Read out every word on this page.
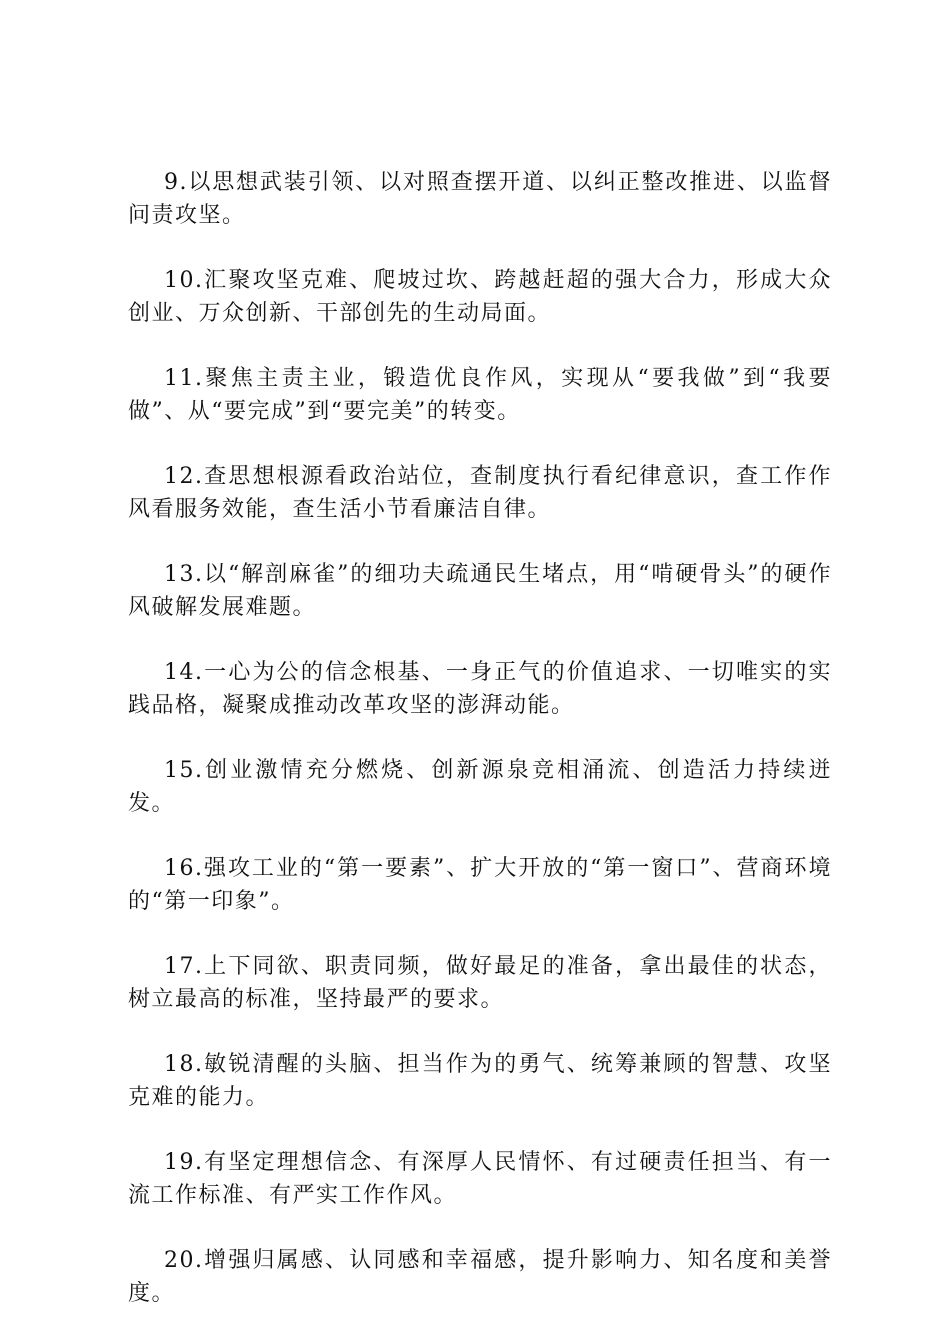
9.以思想武装引领、以对照查摆开道、以纠正整改推进、以监督问责攻坚。

10.汇聚攻坚克难、爬坡过坎、跨越赶超的强大合力，形成大众创业、万众创新、干部创先的生动局面。

11.聚焦主责主业，锻造优良作风，实现从“要我做”到“我要做”、从“要完成”到“要完美”的转变。

12.查思想根源看政治站位，查制度执行看纪律意识，查工作作风看服务效能，查生活小节看廉洁自律。

13.以“解剖麻雀”的细功夫疏通民生堵点，用“啃硬骨头”的硬作风破解发展难题。

14.一心为公的信念根基、一身正气的价值追求、一切唯实的实践品格，凝聚成推动改革攻坚的澎湃动能。

15.创业激情充分燃烧、创新源泉竞相涌流、创造活力持续迸发。

16.强攻工业的“第一要素”、扩大开放的“第一窗口”、营商环境的“第一印象”。

17.上下同欲、职责同频，做好最足的准备，拿出最佳的状态，树立最高的标准，坚持最严的要求。

18.敏锐清醒的头脑、担当作为的勇气、统筹兼顾的智慧、攻坚克难的能力。

19.有坚定理想信念、有深厚人民情怀、有过硬责任担当、有一流工作标准、有严实工作作风。

20.增强归属感、认同感和幸福感，提升影响力、知名度和美誉度。
